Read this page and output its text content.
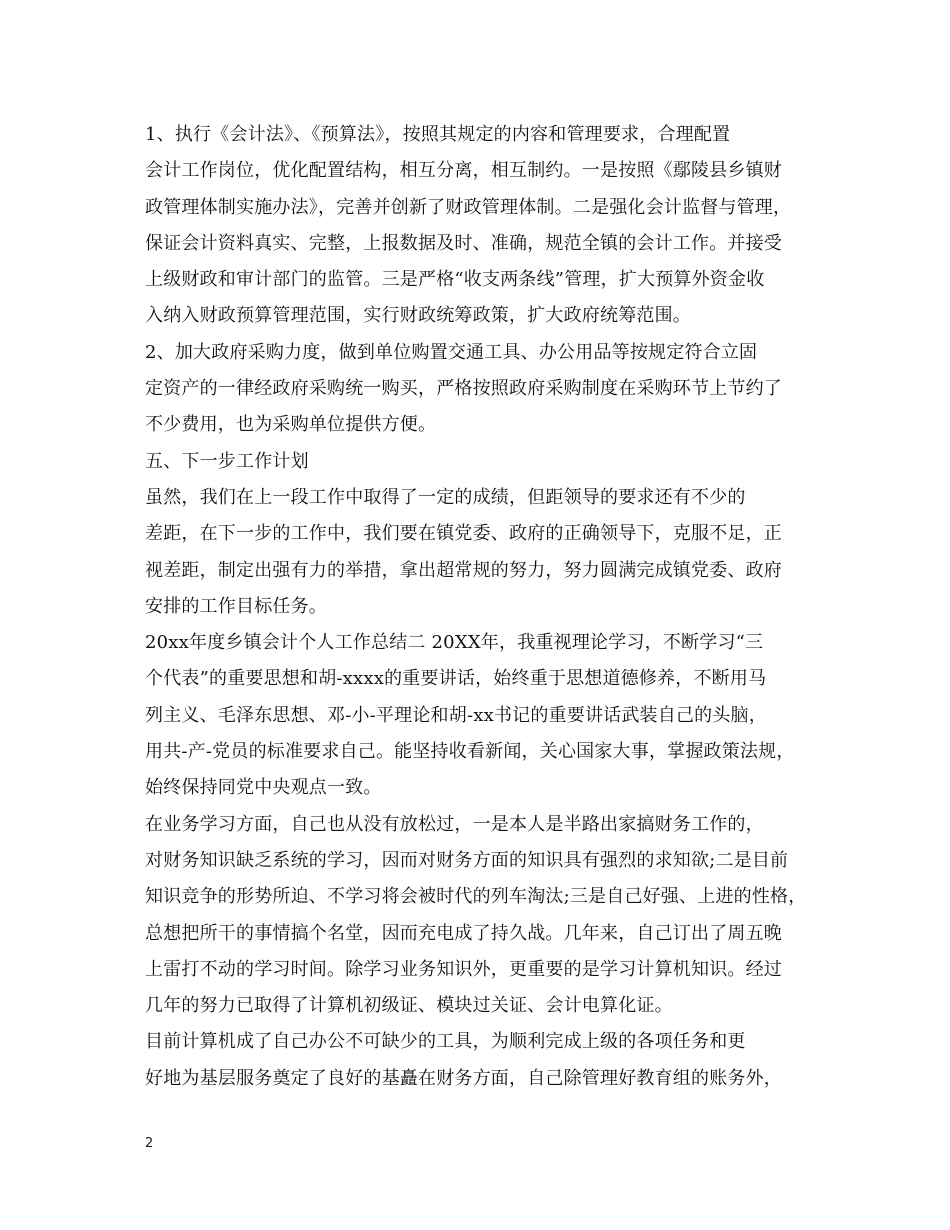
1、执行《会计法》、《预算法》，按照其规定的内容和管理要求，合理配置
会计工作岗位，优化配置结构，相互分离，相互制约。一是按照《鄢陵县乡镇财
政管理体制实施办法》，完善并创新了财政管理体制。二是强化会计监督与管理，
保证会计资料真实、完整，上报数据及时、准确，规范全镇的会计工作。并接受
上级财政和审计部门的监管。三是严格“收支两条线”管理，扩大预算外资金收
入纳入财政预算管理范围，实行财政统筹政策，扩大政府统筹范围。
2、加大政府采购力度，做到单位购置交通工具、办公用品等按规定符合立固
定资产的一律经政府采购统一购买，严格按照政府采购制度在采购环节上节约了
不少费用，也为采购单位提供方便。
五、下一步工作计划
虽然，我们在上一段工作中取得了一定的成绩，但距领导的要求还有不少的
差距，在下一步的工作中，我们要在镇党委、政府的正确领导下，克服不足，正
视差距，制定出强有力的举措，拿出超常规的努力，努力圆满完成镇党委、政府
安排的工作目标任务。
20xx年度乡镇会计个人工作总结二 20XX年，我重视理论学习，不断学习“三
个代表”的重要思想和胡-xxxx的重要讲话，始终重于思想道德修养，不断用马
列主义、毛泽东思想、邓-小-平理论和胡-xx书记的重要讲话武装自己的头脑，
用共-产-党员的标准要求自己。能坚持收看新闻，关心国家大事，掌握政策法规，
始终保持同党中央观点一致。
在业务学习方面，自己也从没有放松过，一是本人是半路出家搞财务工作的，
对财务知识缺乏系统的学习，因而对财务方面的知识具有强烈的求知欲;二是目前
知识竞争的形势所迫、不学习将会被时代的列车淘汰;三是自己好强、上进的性格，
总想把所干的事情搞个名堂，因而充电成了持久战。几年来，自己订出了周五晚
上雷打不动的学习时间。除学习业务知识外，更重要的是学习计算机知识。经过
几年的努力已取得了计算机初级证、模块过关证、会计电算化证。
目前计算机成了自己办公不可缺少的工具，为顺利完成上级的各项任务和更
好地为基层服务奠定了良好的基矗在财务方面，自己除管理好教育组的账务外，
2
